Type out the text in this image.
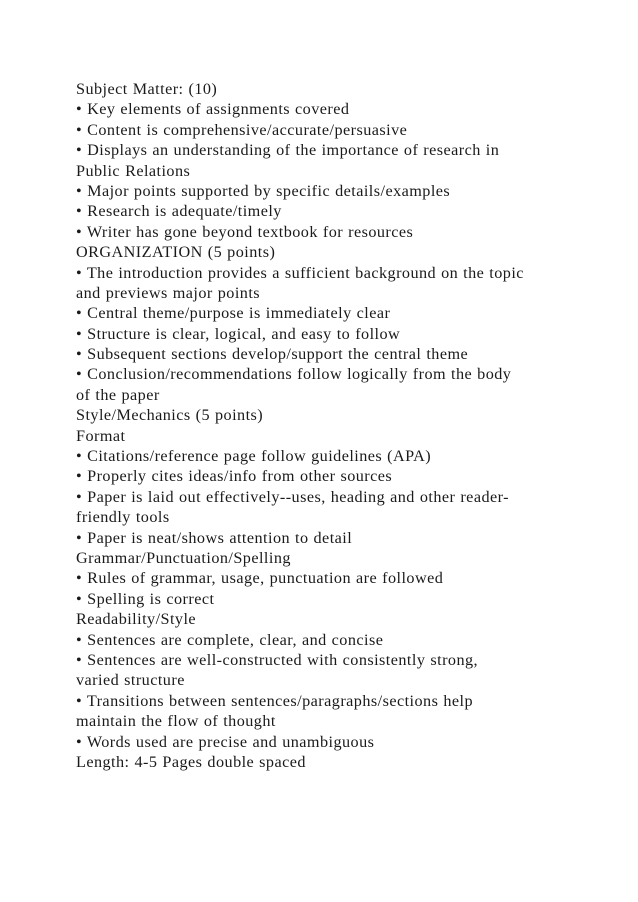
Subject Matter: (10)
• Key elements of assignments covered
• Content is comprehensive/accurate/persuasive
• Displays an understanding of the importance of research in
Public Relations
• Major points supported by specific details/examples
• Research is adequate/timely
• Writer has gone beyond textbook for resources
ORGANIZATION (5 points)
• The introduction provides a sufficient background on the topic
and previews major points
• Central theme/purpose is immediately clear
• Structure is clear, logical, and easy to follow
• Subsequent sections develop/support the central theme
• Conclusion/recommendations follow logically from the body
of the paper
Style/Mechanics (5 points)
Format
• Citations/reference page follow guidelines (APA)
• Properly cites ideas/info from other sources
• Paper is laid out effectively--uses, heading and other reader-
friendly tools
• Paper is neat/shows attention to detail
Grammar/Punctuation/Spelling
• Rules of grammar, usage, punctuation are followed
• Spelling is correct
Readability/Style
• Sentences are complete, clear, and concise
• Sentences are well-constructed with consistently strong,
varied structure
• Transitions between sentences/paragraphs/sections help
maintain the flow of thought
• Words used are precise and unambiguous
Length: 4-5 Pages double spaced
